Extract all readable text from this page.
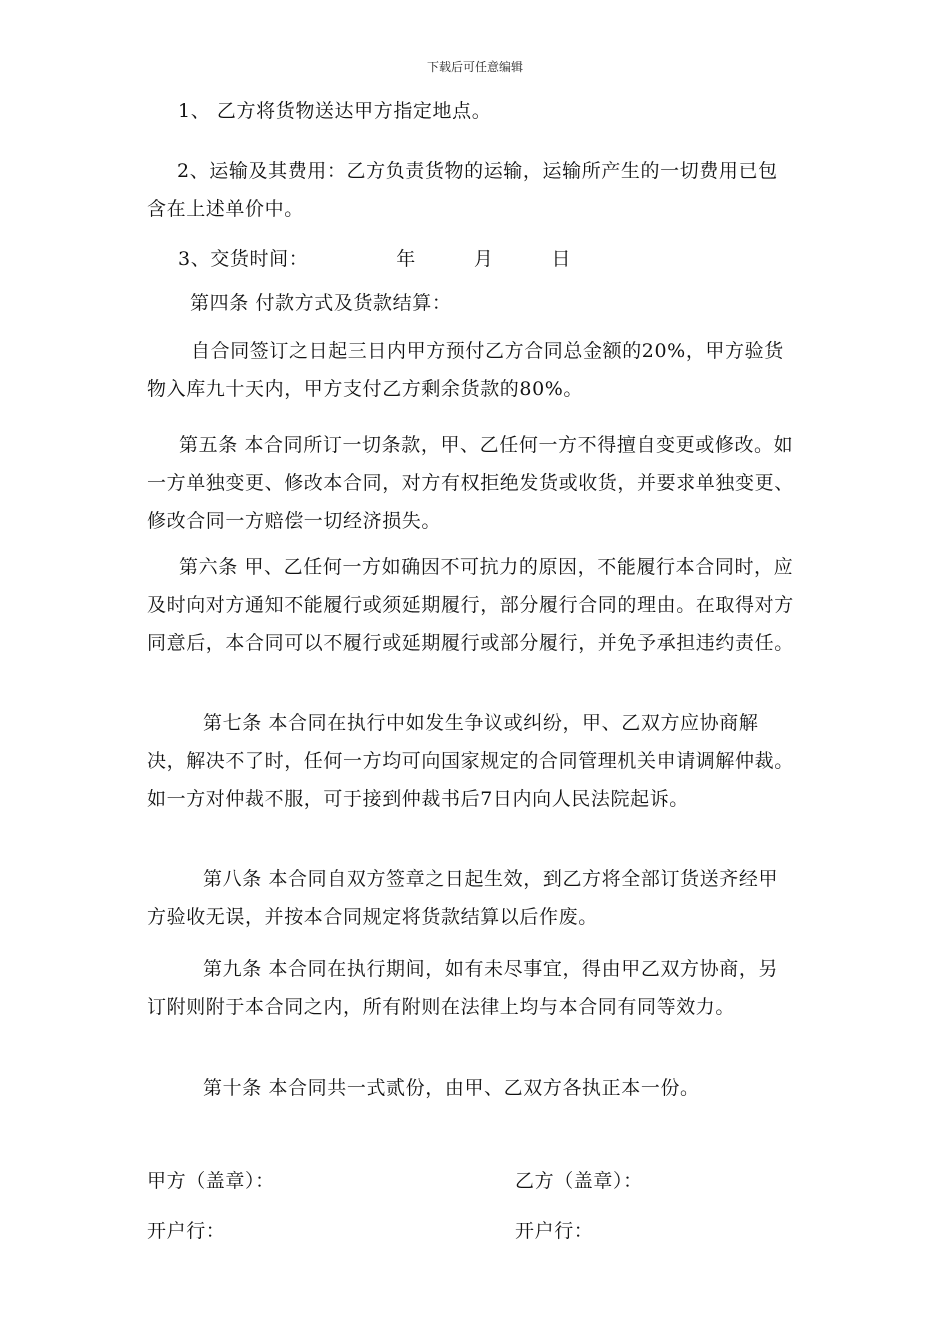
下载后可任意编辑

1、 乙方将货物送达甲方指定地点。

2、运输及其费用：乙方负责货物的运输，运输所产生的一切费用已包含在上述单价中。

3、交货时间：	年	月	日

第四条 付款方式及货款结算：

自合同签订之日起三日内甲方预付乙方合同总金额的20%，甲方验货物入库九十天内，甲方支付乙方剩余货款的80%。

第五条 本合同所订一切条款，甲、乙任何一方不得擅自变更或修改。如一方单独变更、修改本合同，对方有权拒绝发货或收货，并要求单独变更、修改合同一方赔偿一切经济损失。

第六条 甲、乙任何一方如确因不可抗力的原因，不能履行本合同时，应及时向对方通知不能履行或须延期履行，部分履行合同的理由。在取得对方同意后，本合同可以不履行或延期履行或部分履行，并免予承担违约责任。

第七条 本合同在执行中如发生争议或纠纷，甲、乙双方应协商解决，解决不了时，任何一方均可向国家规定的合同管理机关申请调解仲裁。如一方对仲裁不服，可于接到仲裁书后7日内向人民法院起诉。

第八条 本合同自双方签章之日起生效，到乙方将全部订货送齐经甲方验收无误，并按本合同规定将货款结算以后作废。

第九条 本合同在执行期间，如有未尽事宜，得由甲乙双方协商，另订附则附于本合同之内，所有附则在法律上均与本合同有同等效力。

第十条 本合同共一式贰份，由甲、乙双方各执正本一份。

甲方（盖章）：	乙方（盖章）：

开户行：	开户行：
